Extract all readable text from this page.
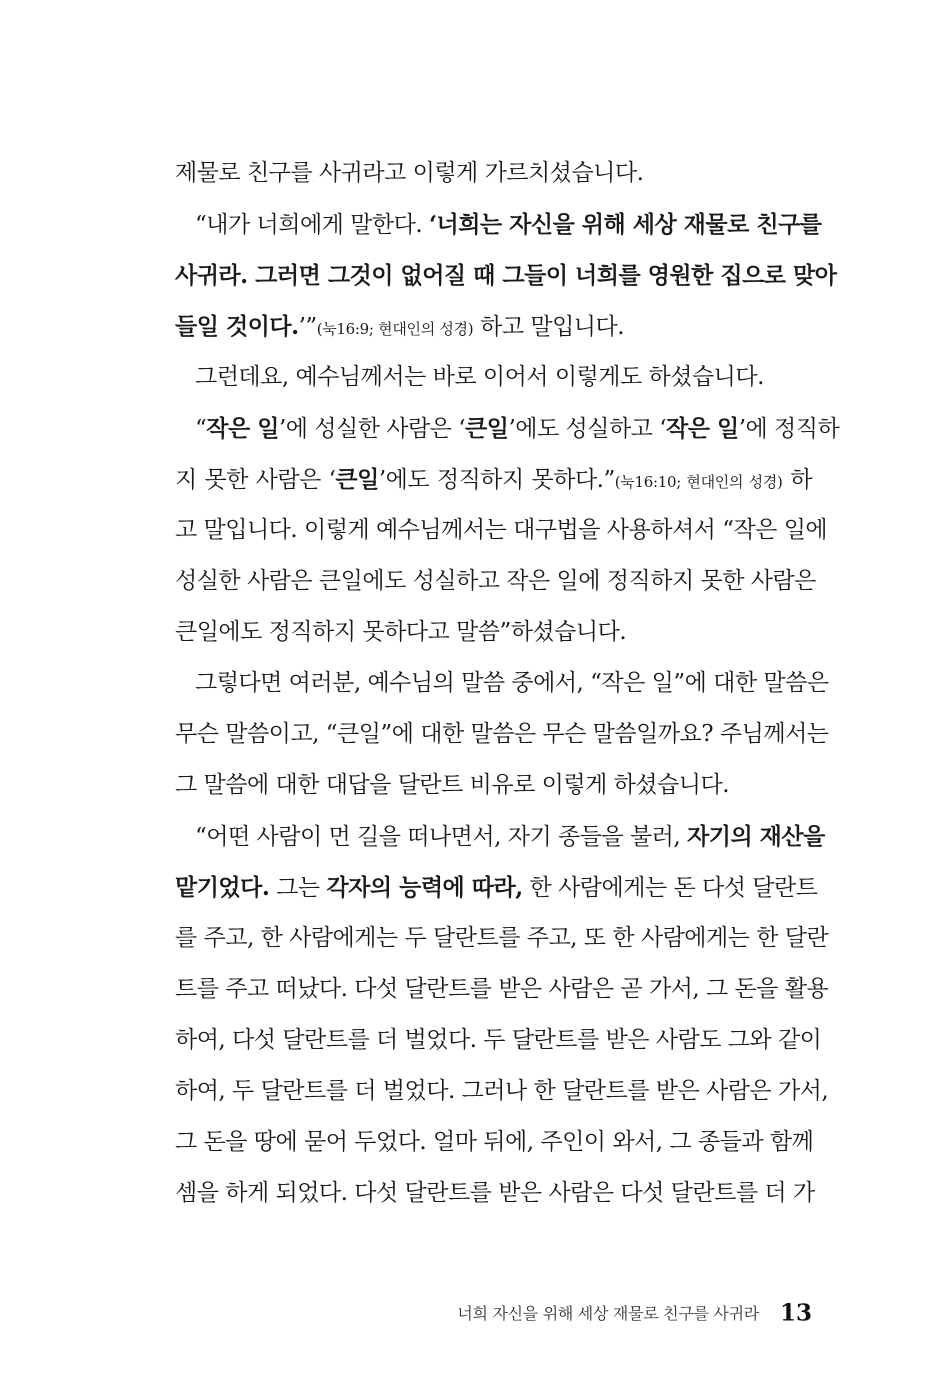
제물로 친구를 사귀라고 이렇게 가르치셨습니다.
“내가 너희에게 말한다. ‘너희는 자신을 위해 세상 재물로 친구를
사귀라. 그러면 그것이 없어질 때 그들이 너희를 영원한 집으로 맞아
들일 것이다.’”(눅16:9; 현대인의 성경) 하고 말입니다.
그런데요, 예수님께서는 바로 이어서 이렇게도 하셨습니다.
“작은 일’에 성실한 사람은 ‘큰일’에도 성실하고 ‘작은 일’에 정직하
지 못한 사람은 ‘큰일’에도 정직하지 못하다.”(눅16:10; 현대인의 성경) 하
고 말입니다. 이렇게 예수님께서는 대구법을 사용하셔서 “작은 일에
성실한 사람은 큰일에도 성실하고 작은 일에 정직하지 못한 사람은
큰일에도 정직하지 못하다고 말씀”하셨습니다.
그렇다면 여러분, 예수님의 말씀 중에서, “작은 일”에 대한 말씀은
무슨 말씀이고, “큰일”에 대한 말씀은 무슨 말씀일까요? 주님께서는
그 말씀에 대한 대답을 달란트 비유로 이렇게 하셨습니다.
“어떤 사람이 먼 길을 떠나면서, 자기 종들을 불러, 자기의 재산을
맡기었다. 그는 각자의 능력에 따라, 한 사람에게는 돈 다섯 달란트
를 주고, 한 사람에게는 두 달란트를 주고, 또 한 사람에게는 한 달란
트를 주고 떠났다. 다섯 달란트를 받은 사람은 곧 가서, 그 돈을 활용
하여, 다섯 달란트를 더 벌었다. 두 달란트를 받은 사람도 그와 같이
하여, 두 달란트를 더 벌었다. 그러나 한 달란트를 받은 사람은 가서,
그 돈을 땅에 묻어 두었다. 얼마 뒤에, 주인이 와서, 그 종들과 함께
셈을 하게 되었다. 다섯 달란트를 받은 사람은 다섯 달란트를 더 가
너희 자신을 위해 세상 재물로 친구를 사귀라 13
